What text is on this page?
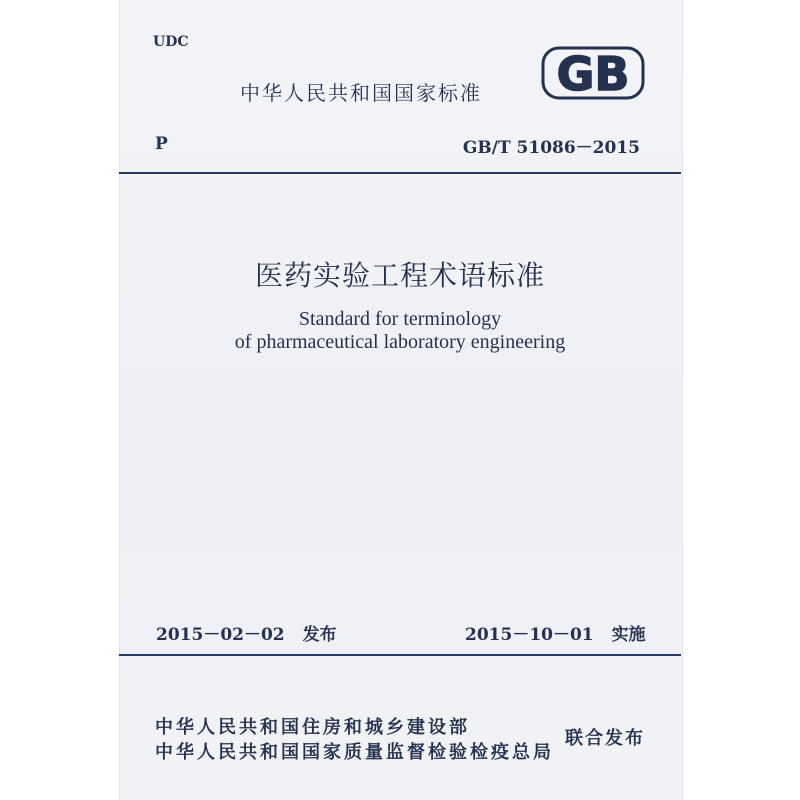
UDC
中华人民共和国国家标准 GB
P	GB/T 51086－2015
医药实验工程术语标准
Standard for terminology
of pharmaceutical laboratory engineering
2015－02－02 发布	2015－10－01 实施
中华人民共和国住房和城乡建设部
中华人民共和国国家质量监督检验检疫总局
联合发布
